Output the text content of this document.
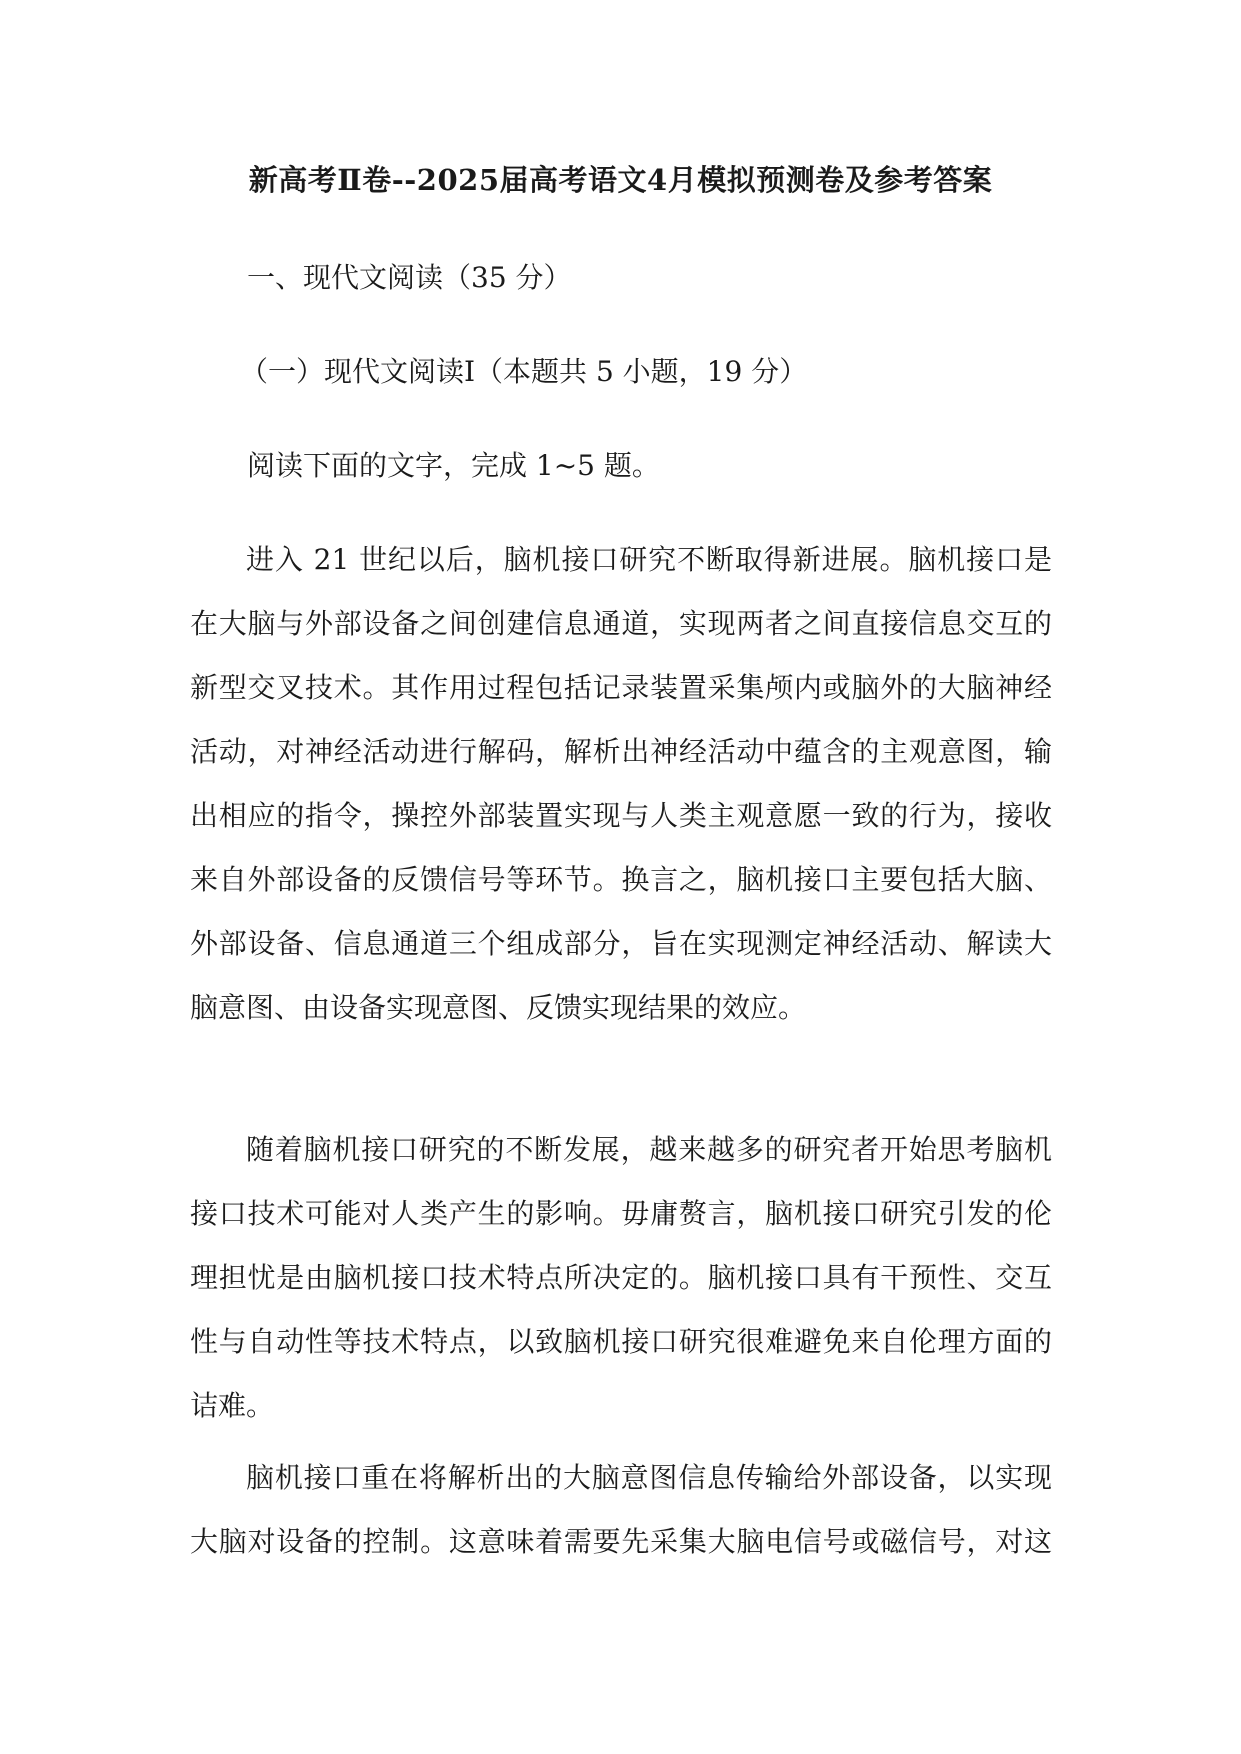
新高考Ⅱ卷--2025届高考语文4月模拟预测卷及参考答案
一、现代文阅读（35 分）
（一）现代文阅读Ⅰ（本题共 5 小题，19 分）
阅读下面的文字，完成 1~5 题。
进入 21 世纪以后，脑机接口研究不断取得新进展。脑机接口是
在大脑与外部设备之间创建信息通道，实现两者之间直接信息交互的
新型交叉技术。其作用过程包括记录装置采集颅内或脑外的大脑神经
活动，对神经活动进行解码，解析出神经活动中蕴含的主观意图，输
出相应的指令，操控外部装置实现与人类主观意愿一致的行为，接收
来自外部设备的反馈信号等环节。换言之，脑机接口主要包括大脑、
外部设备、信息通道三个组成部分，旨在实现测定神经活动、解读大
脑意图、由设备实现意图、反馈实现结果的效应。
随着脑机接口研究的不断发展，越来越多的研究者开始思考脑机
接口技术可能对人类产生的影响。毋庸赘言，脑机接口研究引发的伦
理担忧是由脑机接口技术特点所决定的。脑机接口具有干预性、交互
性与自动性等技术特点，以致脑机接口研究很难避免来自伦理方面的
诘难。
脑机接口重在将解析出的大脑意图信息传输给外部设备，以实现
大脑对设备的控制。这意味着需要先采集大脑电信号或磁信号，对这
